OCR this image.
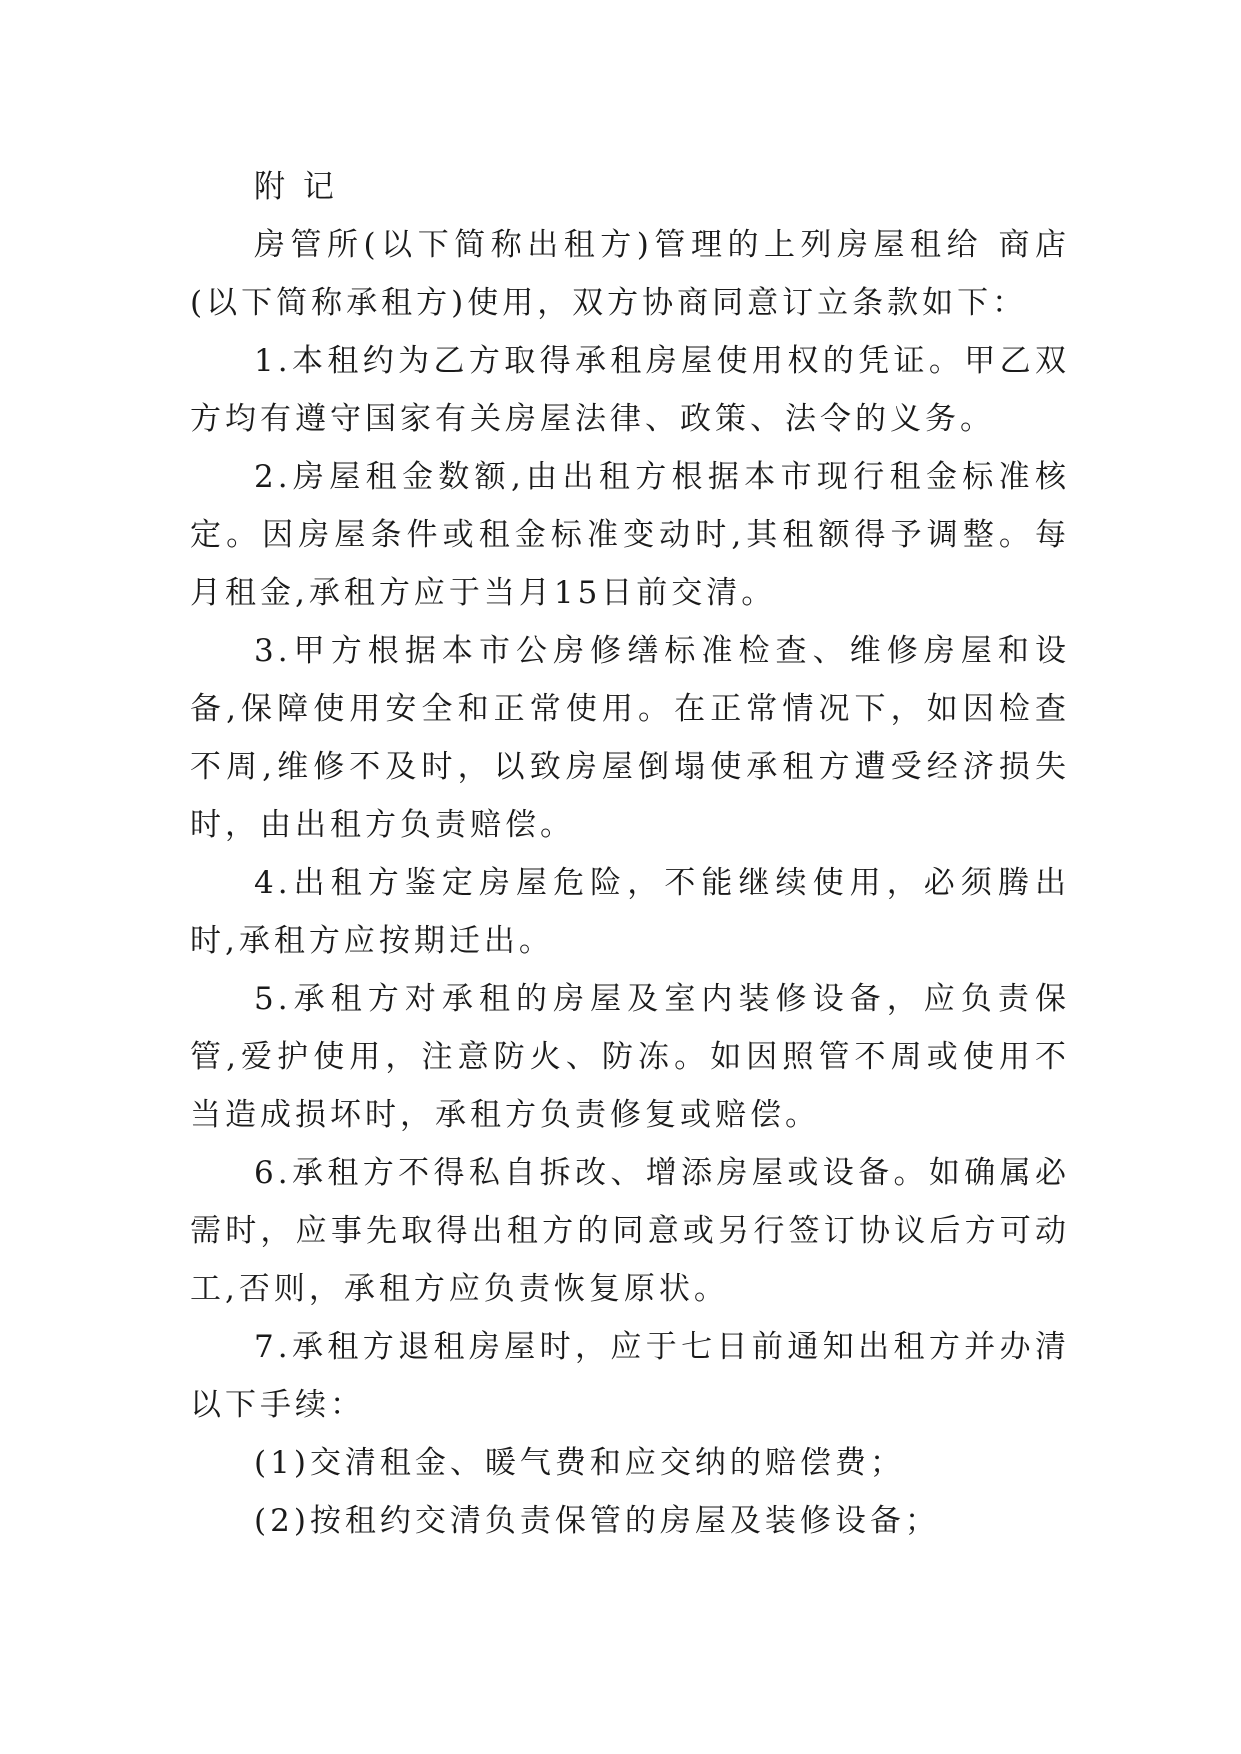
附 记

房管所(以下简称出租方)管理的上列房屋租给 商店(以下简称承租方)使用，双方协商同意订立条款如下：

1.本租约为乙方取得承租房屋使用权的凭证。甲乙双方均有遵守国家有关房屋法律、政策、法令的义务。

2.房屋租金数额,由出租方根据本市现行租金标准核定。因房屋条件或租金标准变动时,其租额得予调整。每月租金,承租方应于当月15日前交清。

3.甲方根据本市公房修缮标准检查、维修房屋和设备,保障使用安全和正常使用。在正常情况下，如因检查不周,维修不及时，以致房屋倒塌使承租方遭受经济损失时，由出租方负责赔偿。

4.出租方鉴定房屋危险，不能继续使用，必须腾出时,承租方应按期迁出。

5.承租方对承租的房屋及室内装修设备，应负责保管,爱护使用，注意防火、防冻。如因照管不周或使用不当造成损坏时，承租方负责修复或赔偿。

6.承租方不得私自拆改、增添房屋或设备。如确属必需时，应事先取得出租方的同意或另行签订协议后方可动工,否则，承租方应负责恢复原状。

7.承租方退租房屋时，应于七日前通知出租方并办清以下手续：

(1)交清租金、暖气费和应交纳的赔偿费；

(2)按租约交清负责保管的房屋及装修设备；
